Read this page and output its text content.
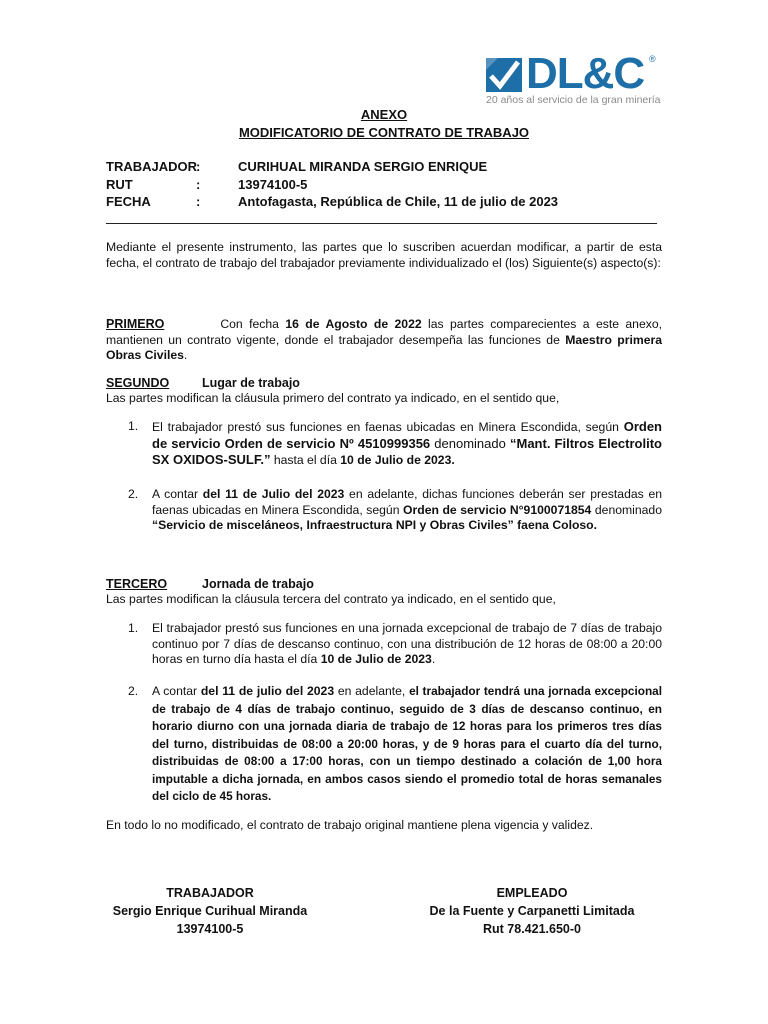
DL&C ®
20 años al servicio de la gran minería
ANEXO
MODIFICATORIO DE CONTRATO DE TRABAJO
TRABAJADOR:	CURIHUAL MIRANDA SERGIO ENRIQUE
RUT	:	13974100-5
FECHA	:	Antofagasta, República de Chile, 11 de julio de 2023
Mediante el presente instrumento, las partes que lo suscriben acuerdan modificar, a partir de esta fecha, el contrato de trabajo del trabajador previamente individualizado el (los) Siguiente(s) aspecto(s):
PRIMERO	Con fecha 16 de Agosto de 2022 las partes comparecientes a este anexo, mantienen un contrato vigente, donde el trabajador desempeña las funciones de Maestro primera Obras Civiles.
SEGUNDO	Lugar de trabajo
Las partes modifican la cláusula primero del contrato ya indicado, en el sentido que,
1. El trabajador prestó sus funciones en faenas ubicadas en Minera Escondida, según Orden de servicio Orden de servicio Nº 4510999356 denominado “Mant. Filtros Electrolito SX OXIDOS-SULF.” hasta el día 10 de Julio de 2023.
2. A contar del 11 de Julio del 2023 en adelante, dichas funciones deberán ser prestadas en faenas ubicadas en Minera Escondida, según Orden de servicio N°9100071854 denominado “Servicio de misceláneos, Infraestructura NPI y Obras Civiles” faena Coloso.
TERCERO	Jornada de trabajo
Las partes modifican la cláusula tercera del contrato ya indicado, en el sentido que,
1. El trabajador prestó sus funciones en una jornada excepcional de trabajo de 7 días de trabajo continuo por 7 días de descanso continuo, con una distribución de 12 horas de 08:00 a 20:00 horas en turno día hasta el día 10 de Julio de 2023.
2. A contar del 11 de julio del 2023 en adelante, el trabajador tendrá una jornada excepcional de trabajo de 4 días de trabajo continuo, seguido de 3 días de descanso continuo, en horario diurno con una jornada diaria de trabajo de 12 horas para los primeros tres días del turno, distribuidas de 08:00 a 20:00 horas, y de 9 horas para el cuarto día del turno, distribuidas de 08:00 a 17:00 horas, con un tiempo destinado a colación de 1,00 hora imputable a dicha jornada, en ambos casos siendo el promedio total de horas semanales del ciclo de 45 horas.
En todo lo no modificado, el contrato de trabajo original mantiene plena vigencia y validez.
TRABAJADOR
Sergio Enrique Curihual Miranda
13974100-5
EMPLEADO
De la Fuente y Carpanetti Limitada
Rut 78.421.650-0
